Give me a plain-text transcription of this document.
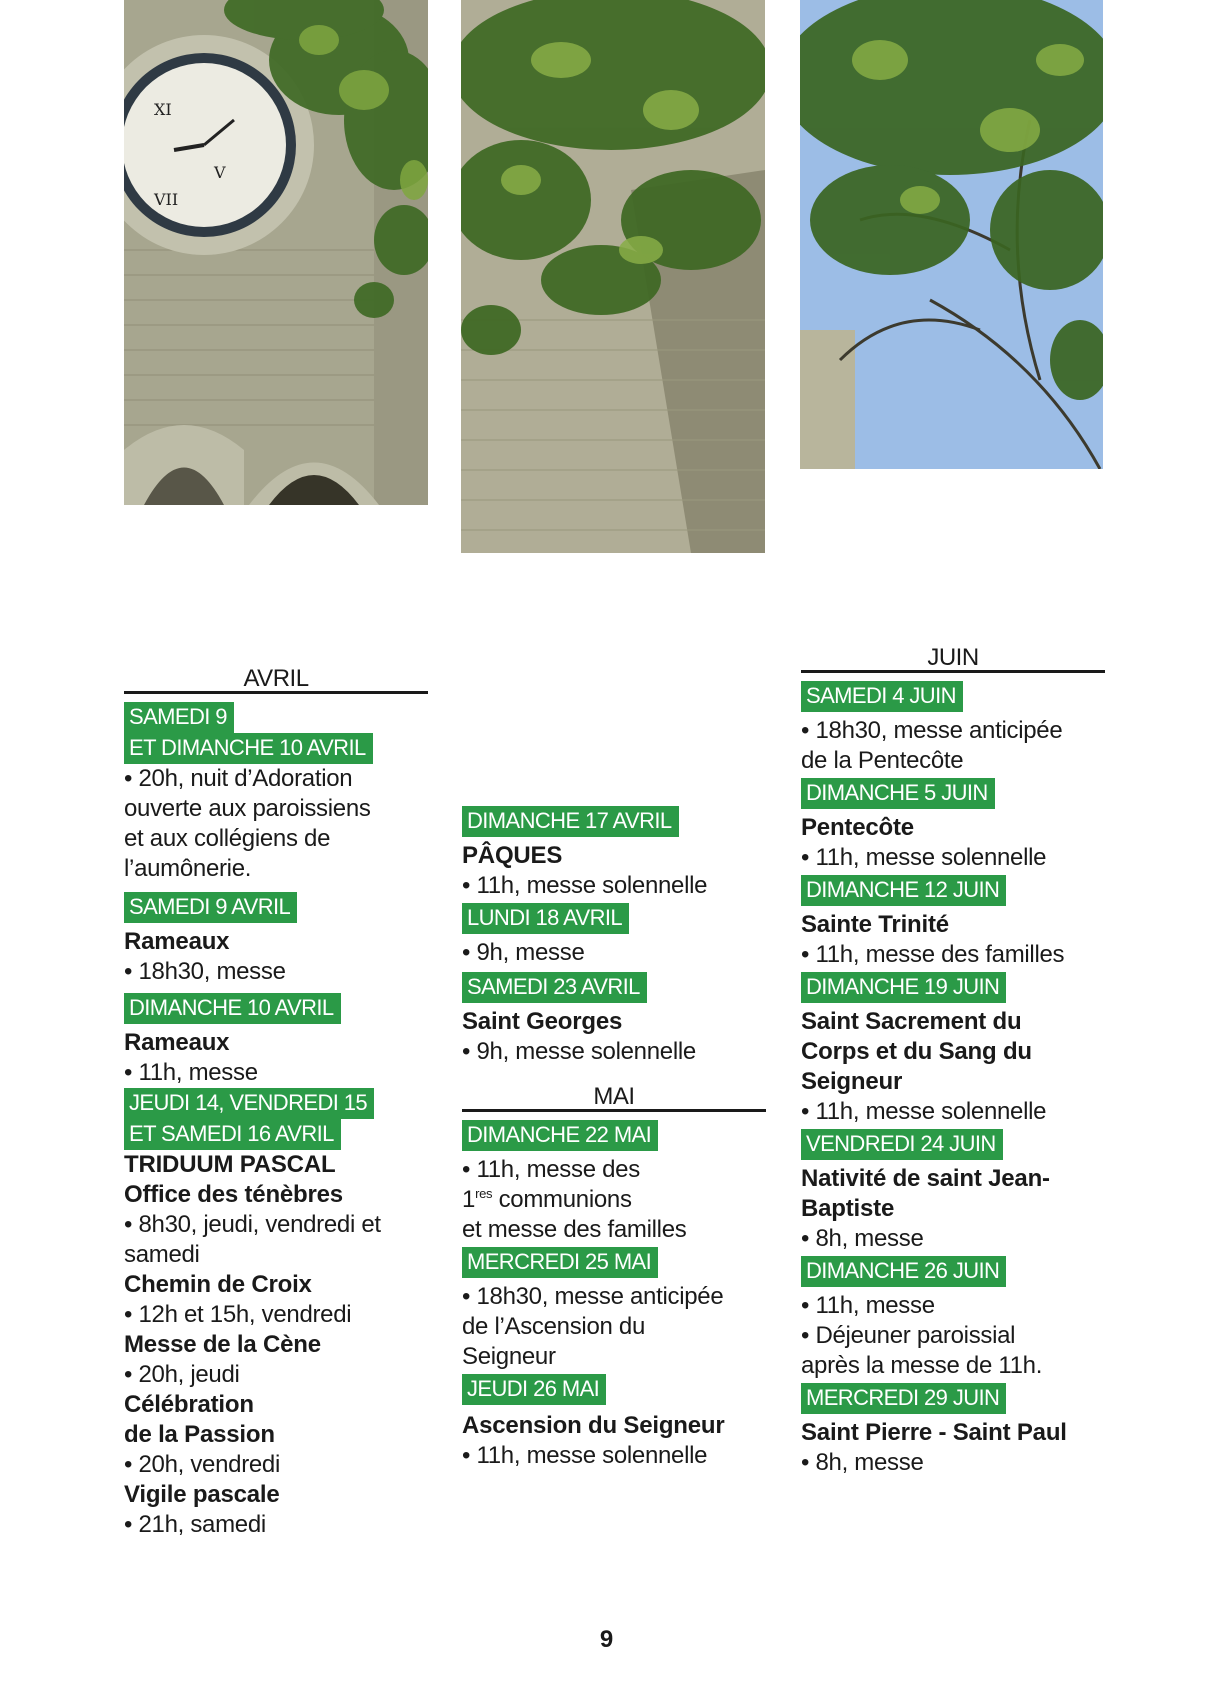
XI
VII
V
AVRIL
SAMEDI 9
ET DIMANCHE 10 AVRIL
• 20h, nuit d’Adoration
ouverte aux paroissiens
et aux collégiens de
l’aumônerie.
SAMEDI 9 AVRIL
Rameaux
• 18h30, messe
DIMANCHE 10 AVRIL
Rameaux
• 11h, messe
JEUDI 14, VENDREDI 15
ET SAMEDI 16 AVRIL
TRIDUUM PASCAL
Office des ténèbres
• 8h30, jeudi, vendredi et
samedi
Chemin de Croix
• 12h et 15h, vendredi
Messe de la Cène
• 20h, jeudi
Célébration
de la Passion
• 20h, vendredi
Vigile pascale
• 21h, samedi
DIMANCHE 17 AVRIL
PÂQUES
• 11h, messe solennelle
LUNDI 18 AVRIL
• 9h, messe
SAMEDI 23 AVRIL
Saint Georges
• 9h, messe solennelle
MAI
DIMANCHE 22 MAI
• 11h, messe des
1res communions
et messe des familles
MERCREDI 25 MAI
• 18h30, messe anticipée
de l’Ascension du
Seigneur
JEUDI 26 MAI
Ascension du Seigneur
• 11h, messe solennelle
JUIN
SAMEDI 4 JUIN
• 18h30, messe anticipée
de la Pentecôte
DIMANCHE 5 JUIN
Pentecôte
• 11h, messe solennelle
DIMANCHE 12 JUIN
Sainte Trinité
• 11h, messe des familles
DIMANCHE 19 JUIN
Saint Sacrement du
Corps et du Sang du
Seigneur
• 11h, messe solennelle
VENDREDI 24 JUIN
Nativité de saint Jean-
Baptiste
• 8h, messe
DIMANCHE 26 JUIN
• 11h, messe
• Déjeuner paroissial
après la messe de 11h.
MERCREDI 29 JUIN
Saint Pierre - Saint Paul
• 8h, messe
9
